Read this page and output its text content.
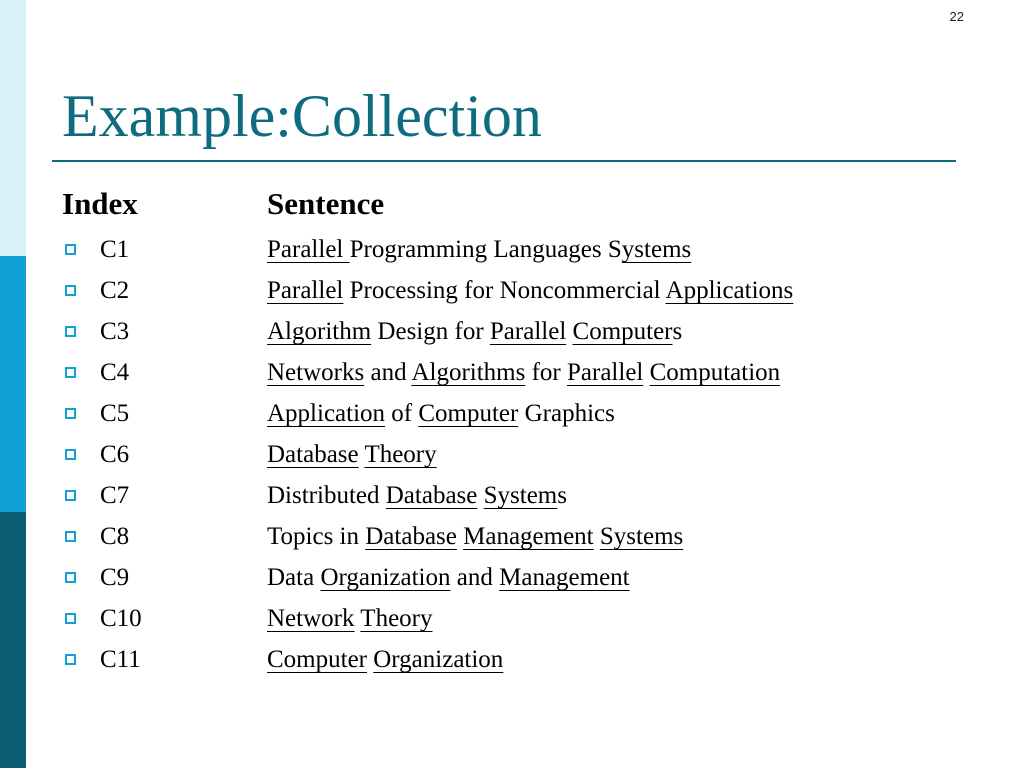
22
Example:Collection
Index	Sentence
C1	Parallel Programming Languages Systems
C2	Parallel Processing for Noncommercial Applications
C3	Algorithm Design for Parallel Computers
C4	Networks and Algorithms for Parallel Computation
C5	Application of Computer Graphics
C6	Database Theory
C7	Distributed Database Systems
C8	Topics in Database Management Systems
C9	Data Organization and Management
C10	Network Theory
C11	Computer Organization
